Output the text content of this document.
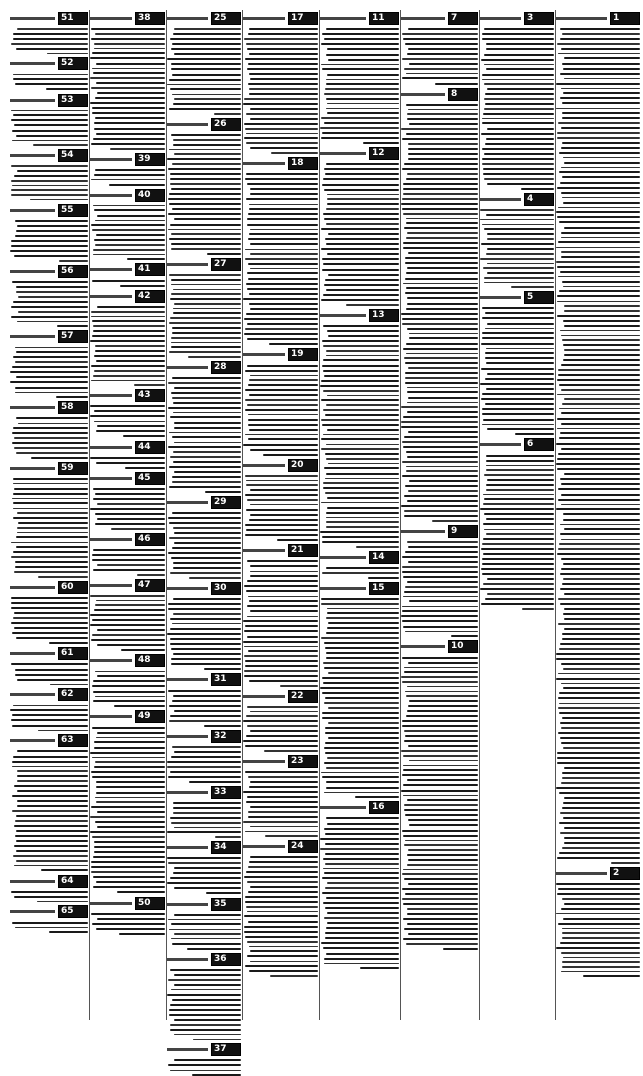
1
2
3
4
5
6
7
8
9
10
11
12
13
14
15
16
17
18
19
20
21
22
23
24
25
26
27
28
29
30
31
32
33
34
35
36
37
38
39
40
41
42
43
44
45
46
47
48
49
50
51
52
53
54
55
56
57
58
59
60
61
62
63
64
65
